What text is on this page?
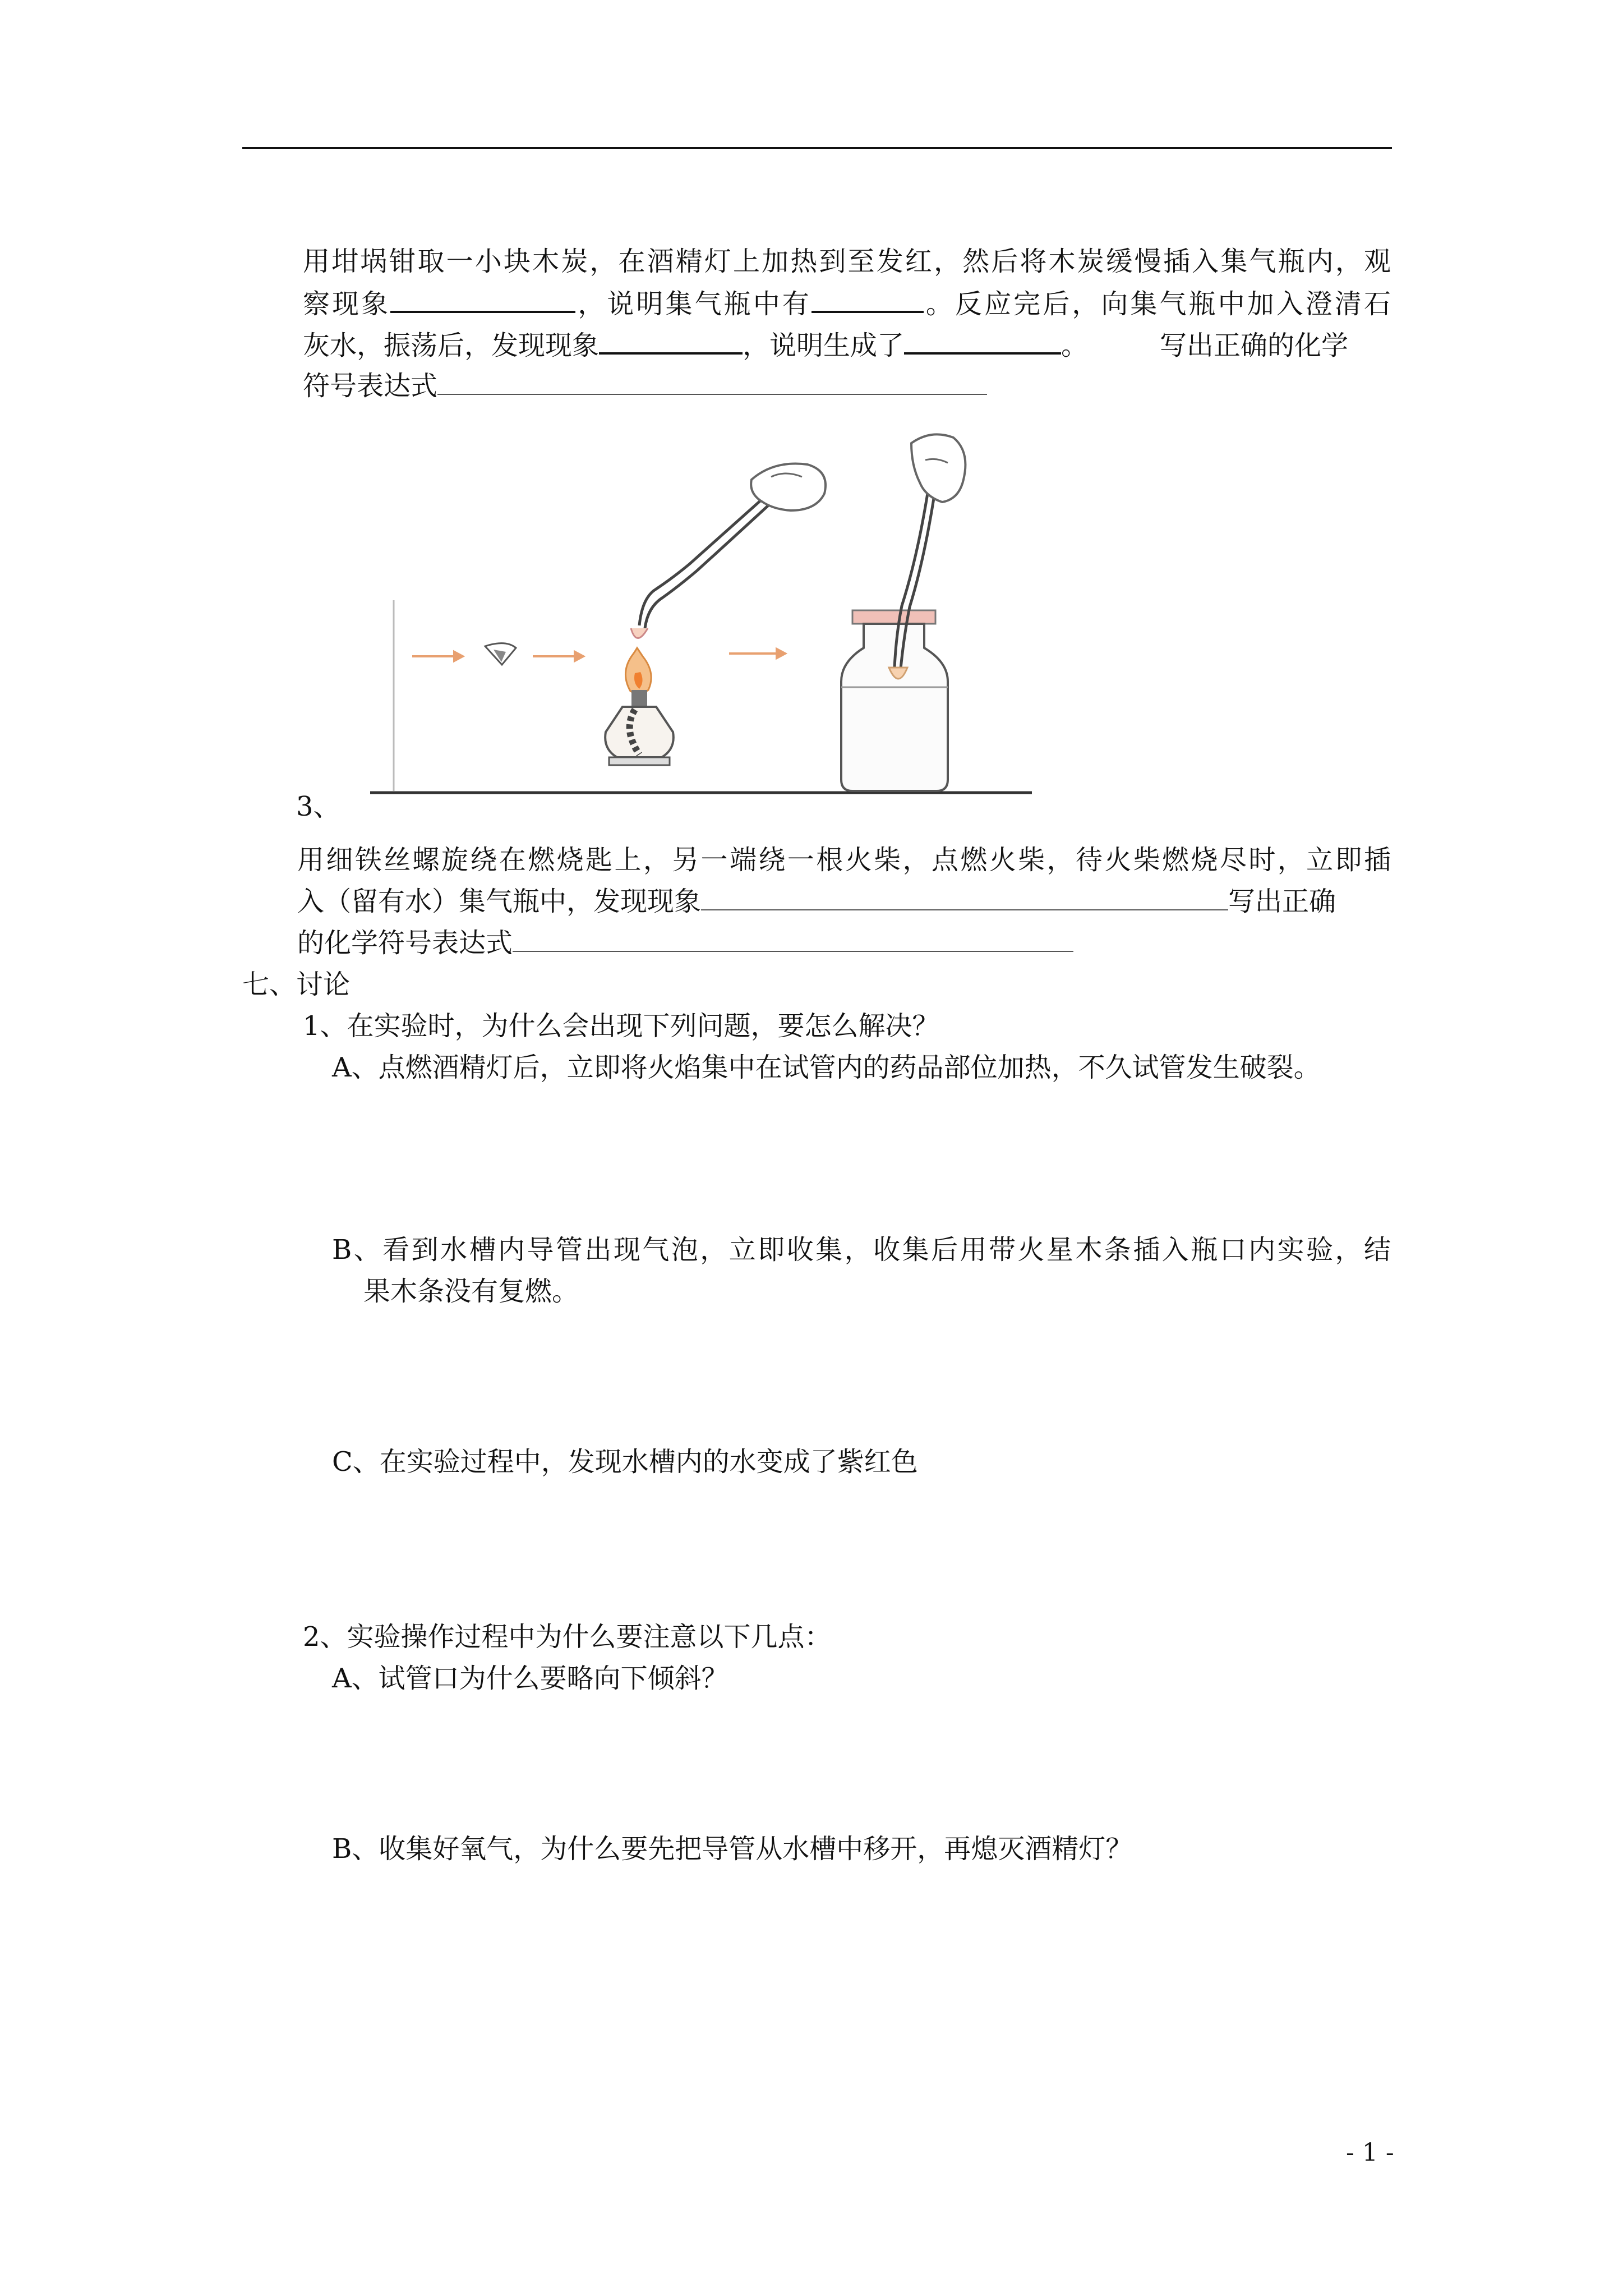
用坩埚钳取一小块木炭，在酒精灯上加热到至发红，然后将木炭缓慢插入集气瓶内，观
察现象	，说明集气瓶中有	。反应完后，向集气瓶中加入澄清石
灰水，振荡后，发现现象	，说明生成了	。	写出正确的化学
符号表达式
3、
用细铁丝螺旋绕在燃烧匙上，另一端绕一根火柴，点燃火柴，待火柴燃烧尽时，立即插
入（留有水）集气瓶中，发现现象	写出正确
的化学符号表达式
七、讨论
1、在实验时，为什么会出现下列问题，要怎么解决？
A、点燃酒精灯后，立即将火焰集中在试管内的药品部位加热，不久试管发生破裂。
B、看到水槽内导管出现气泡，立即收集，收集后用带火星木条插入瓶口内实验，结
果木条没有复燃。
C、在实验过程中，发现水槽内的水变成了紫红色
2、实验操作过程中为什么要注意以下几点：
A、试管口为什么要略向下倾斜？
B、收集好氧气，为什么要先把导管从水槽中移开，再熄灭酒精灯？
- 1 -
